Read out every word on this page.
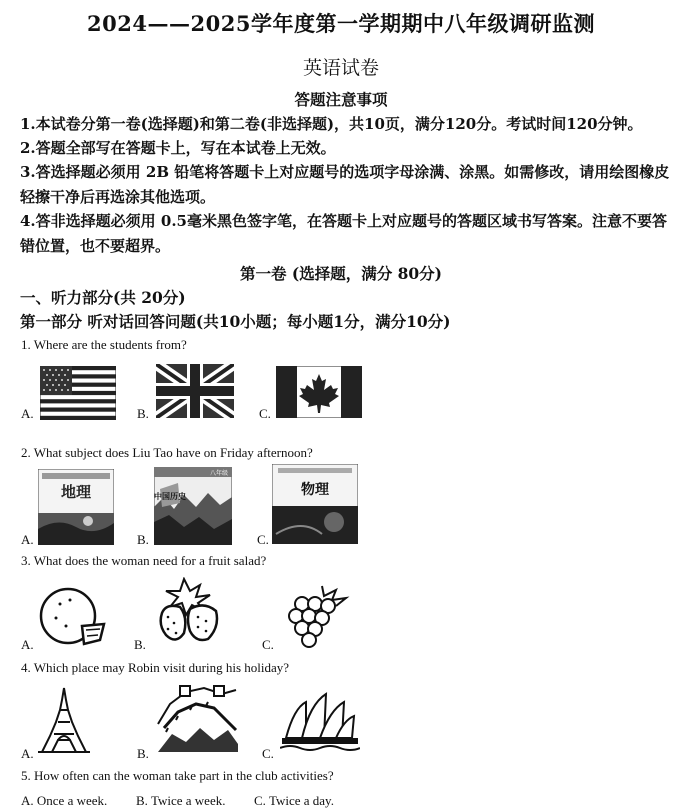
2024——2025学年度第一学期期中八年级调研监测
英语试卷
答题注意事项
1.本试卷分第一卷(选择题)和第二卷(非选择题)，共10页，满分120分。考试时间120分钟。
2.答题全部写在答题卡上，写在本试卷上无效。
3.答选择题必须用 2B 铅笔将答题卡上对应题号的选项字母涂满、涂黑。如需修改，请用绘图橡皮轻擦干净后再选涂其他选项。
4.答非选择题必须用 0.5毫米黑色签字笔，在答题卡上对应题号的答题区域书写答案。注意不要答错位置，也不要超界。
第一卷 (选择题，满分 80分)
一、听力部分(共 20分)
第一部分 听对话回答问题(共10小题；每小题1分，满分10分)
1. Where are the students from?
A.	B.	C.
2. What subject does Liu Tao have on Friday afternoon?
A.
地理
B.
八年级
中国历史
C.
物理
3. What does the woman need for a fruit salad?
A.	B.	C.
4. Which place may Robin visit during his holiday?
A.	B.	C.
5. How often can the woman take part in the club activities?
A. Once a week. B. Twice a week. C. Twice a day.
